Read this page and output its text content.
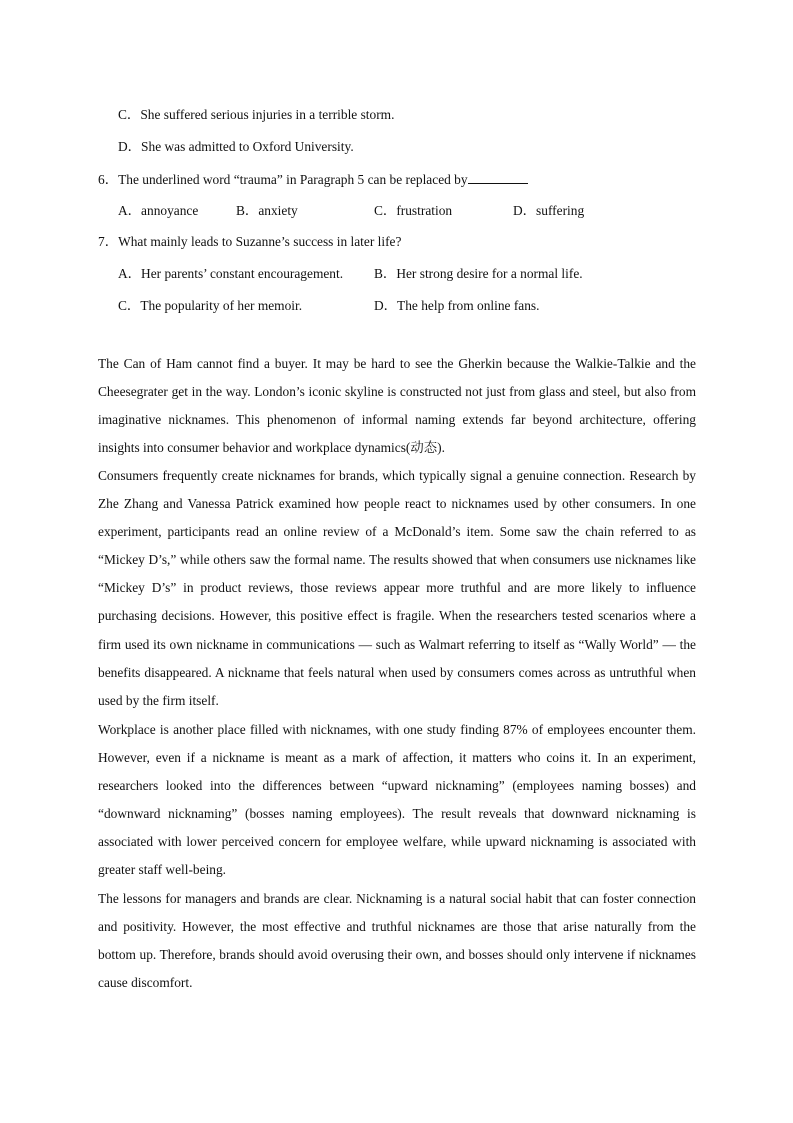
C．She suffered serious injuries in a terrible storm.
D．She was admitted to Oxford University.
6．The underlined word “trauma” in Paragraph 5 can be replaced by
A．annoyance	B．anxiety	C．frustration	D．suffering
7．What mainly leads to Suzanne’s success in later life?
A．Her parents’ constant encouragement. B．Her strong desire for a normal life.
C．The popularity of her memoir.	D．The help from online fans.
The Can of Ham cannot find a buyer. It may be hard to see the Gherkin because the Walkie-Talkie and the Cheesegrater get in the way. London’s iconic skyline is constructed not just from glass and steel, but also from imaginative nicknames. This phenomenon of informal naming extends far beyond architecture, offering insights into consumer behavior and workplace dynamics(动态).
Consumers frequently create nicknames for brands, which typically signal a genuine connection. Research by Zhe Zhang and Vanessa Patrick examined how people react to nicknames used by other consumers. In one experiment, participants read an online review of a McDonald’s item. Some saw the chain referred to as “Mickey D’s,” while others saw the formal name. The results showed that when consumers use nicknames like “Mickey D’s” in product reviews, those reviews appear more truthful and are more likely to influence purchasing decisions. However, this positive effect is fragile. When the researchers tested scenarios where a firm used its own nickname in communications — such as Walmart referring to itself as “Wally World” — the benefits disappeared. A nickname that feels natural when used by consumers comes across as untruthful when used by the firm itself.
Workplace is another place filled with nicknames, with one study finding 87% of employees encounter them. However, even if a nickname is meant as a mark of affection, it matters who coins it. In an experiment, researchers looked into the differences between “upward nicknaming” (employees naming bosses) and “downward nicknaming” (bosses naming employees). The result reveals that downward nicknaming is associated with lower perceived concern for employee welfare, while upward nicknaming is associated with greater staff well-being.
The lessons for managers and brands are clear. Nicknaming is a natural social habit that can foster connection and positivity. However, the most effective and truthful nicknames are those that arise naturally from the bottom up. Therefore, brands should avoid overusing their own, and bosses should only intervene if nicknames cause discomfort.
